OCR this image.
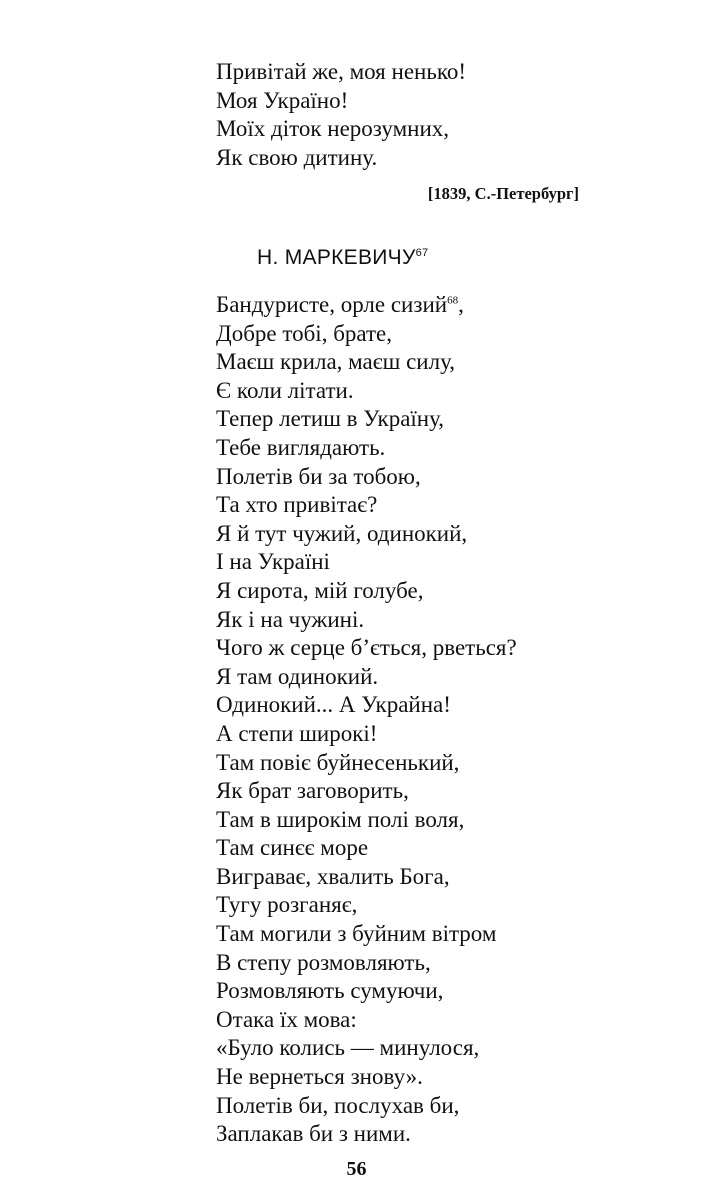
Привітай же, моя ненько!
Моя Україно!
Моїх діток нерозумних,
Як свою дитину.
[1839, С.-Петербург]
Н. МАРКЕВИЧУ$^{67}$
Бандуристе, орле сизий$^{68}$,
Добре тобі, брате,
Маєш крила, маєш силу,
Є коли літати.
Тепер летиш в Україну,
Тебе виглядають.
Полетів би за тобою,
Та хто привітає?
Я й тут чужий, одинокий,
І на Україні
Я сирота, мій голубе,
Як і на чужині.
Чого ж серце б’ється, рветься?
Я там одинокий.
Одинокий... А Украйна!
А степи широкі!
Там повіє буйнесенький,
Як брат заговорить,
Там в широкім полі воля,
Там синєє море
Виграває, хвалить Бога,
Тугу розганяє,
Там могили з буйним вітром
В степу розмовляють,
Розмовляють сумуючи,
Отака їх мова:
«Було колись — минулося,
Не вернеться знову».
Полетів би, послухав би,
Заплакав би з ними.
56
